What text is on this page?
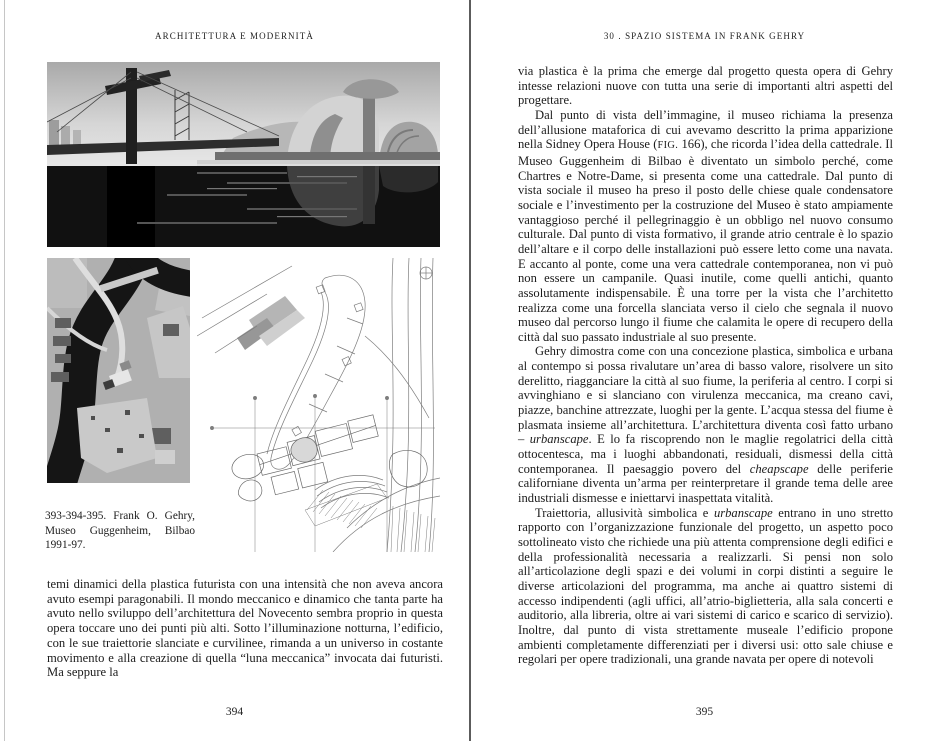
ARCHITETTURA E MODERNITÀ
393-394-395. Frank O. Gehry, Museo Guggenheim, Bilbao 1991-97.
temi dinamici della plastica futurista con una intensità che non aveva ancora avuto esempi paragonabili. Il mondo meccanico e dinamico che tanta parte ha avuto nello sviluppo dell’architettura del Novecento sembra proprio in questa opera toccare uno dei punti più alti. Sotto l’illuminazione notturna, l’edificio, con le sue traiettorie slanciate e curvilinee, rimanda a un universo in costante movimento e alla creazione di quella “luna meccanica” invocata dai futuristi. Ma seppure la
394
30 . SPAZIO SISTEMA IN FRANK GEHRY

via plastica è la prima che emerge dal progetto questa opera di Gehry intesse relazioni nuove con tutta una serie di importanti altri aspetti del progettare.

Dal punto di vista dell’immagine, il museo richiama la presenza dell’allusione mataforica di cui avevamo descritto la prima apparizione nella Sidney Opera House (FIG. 166), che ricorda l’idea della cattedrale. Il Museo Guggenheim di Bilbao è diventato un simbolo perché, come Chartres e Notre-Dame, si presenta come una cattedrale. Dal punto di vista sociale il museo ha preso il posto delle chiese quale condensatore sociale e l’investimento per la costruzione del Museo è stato ampiamente vantaggioso perché il pellegrinaggio è un obbligo nel nuovo consumo culturale. Dal punto di vista formativo, il grande atrio centrale è lo spazio dell’altare e il corpo delle installazioni può essere letto come una navata. E accanto al ponte, come una vera cattedrale contemporanea, non vi può non essere un campanile. Quasi inutile, come quelli antichi, quanto assolutamente indispensabile. È una torre per la vista che l’architetto realizza come una forcella slanciata verso il cielo che segnala il nuovo museo dal percorso lungo il fiume che calamita le opere di recupero della città dal suo passato industriale al suo presente.

Gehry dimostra come con una concezione plastica, simbolica e urbana al contempo si possa rivalutare un’area di basso valore, risolvere un sito derelitto, riagganciare la città al suo fiume, la periferia al centro. I corpi si avvinghiano e si slanciano con virulenza meccanica, ma creano cavi, piazze, banchine attrezzate, luoghi per la gente. L’acqua stessa del fiume è plasmata insieme all’architettura. L’architettura diventa così fatto urbano – urbanscape. E lo fa riscoprendo non le maglie regolatrici della città ottocentesca, ma i luoghi abbandonati, residuali, dismessi della città contemporanea. Il paesaggio povero del cheapscape delle periferie californiane diventa un’arma per reinterpretare il grande tema delle aree industriali dismesse e iniettarvi inaspettata vitalità.

Traiettoria, allusività simbolica e urbanscape entrano in uno stretto rapporto con l’organizzazione funzionale del progetto, un aspetto poco sottolineato visto che richiede una più attenta comprensione degli edifici e della professionalità necessaria a realizzarli. Si pensi non solo all’articolazione degli spazi e dei volumi in corpi distinti a seguire le diverse articolazioni del programma, ma anche ai quattro sistemi di accesso indipendenti (agli uffici, all’atrio-biglietteria, alla sala concerti e auditorio, alla libreria, oltre ai vari sistemi di carico e scarico di servizio). Inoltre, dal punto di vista strettamente museale l’edificio propone ambienti completamente differenziati per i diversi usi: otto sale chiuse e regolari per opere tradizionali, una grande navata per opere di notevoli

395
